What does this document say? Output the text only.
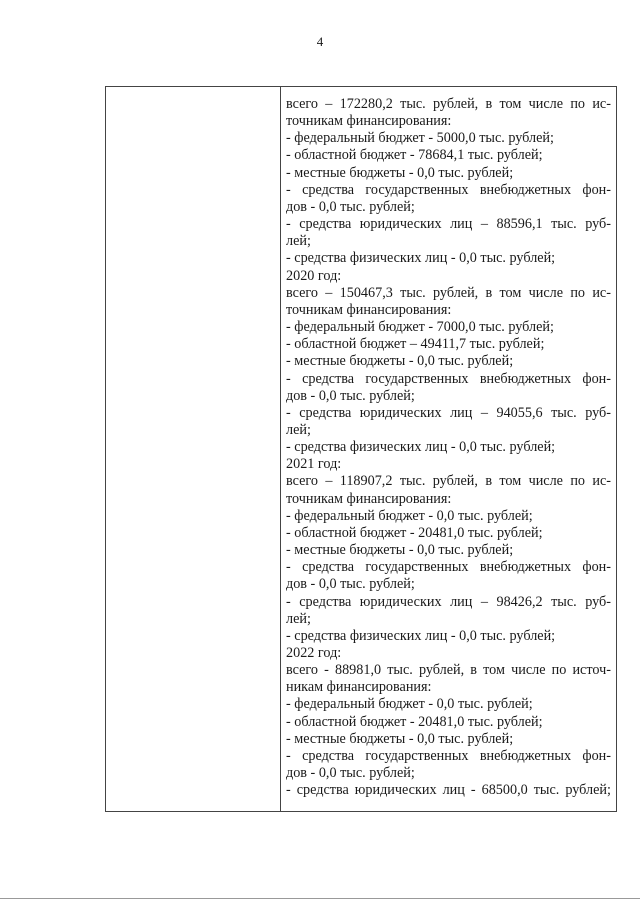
4
всего – 172280,2 тыс. рублей, в том числе по ис-
точникам финансирования:
- федеральный бюджет - 5000,0 тыс. рублей;
- областной бюджет - 78684,1 тыс. рублей;
- местные бюджеты - 0,0 тыс. рублей;
- средства государственных внебюджетных фон-
дов - 0,0 тыс. рублей;
- средства юридических лиц – 88596,1 тыс. руб-
лей;
- средства физических лиц - 0,0 тыс. рублей;
2020 год:
всего – 150467,3 тыс. рублей, в том числе по ис-
точникам финансирования:
- федеральный бюджет - 7000,0 тыс. рублей;
- областной бюджет – 49411,7 тыс. рублей;
- местные бюджеты - 0,0 тыс. рублей;
- средства государственных внебюджетных фон-
дов - 0,0 тыс. рублей;
- средства юридических лиц – 94055,6 тыс. руб-
лей;
- средства физических лиц - 0,0 тыс. рублей;
2021 год:
всего – 118907,2 тыс. рублей, в том числе по ис-
точникам финансирования:
- федеральный бюджет - 0,0 тыс. рублей;
- областной бюджет - 20481,0 тыс. рублей;
- местные бюджеты - 0,0 тыс. рублей;
- средства государственных внебюджетных фон-
дов - 0,0 тыс. рублей;
- средства юридических лиц – 98426,2 тыс. руб-
лей;
- средства физических лиц - 0,0 тыс. рублей;
2022 год:
всего - 88981,0 тыс. рублей, в том числе по источ-
никам финансирования:
- федеральный бюджет - 0,0 тыс. рублей;
- областной бюджет - 20481,0 тыс. рублей;
- местные бюджеты - 0,0 тыс. рублей;
- средства государственных внебюджетных фон-
дов - 0,0 тыс. рублей;
- средства юридических лиц - 68500,0 тыс. рублей;
